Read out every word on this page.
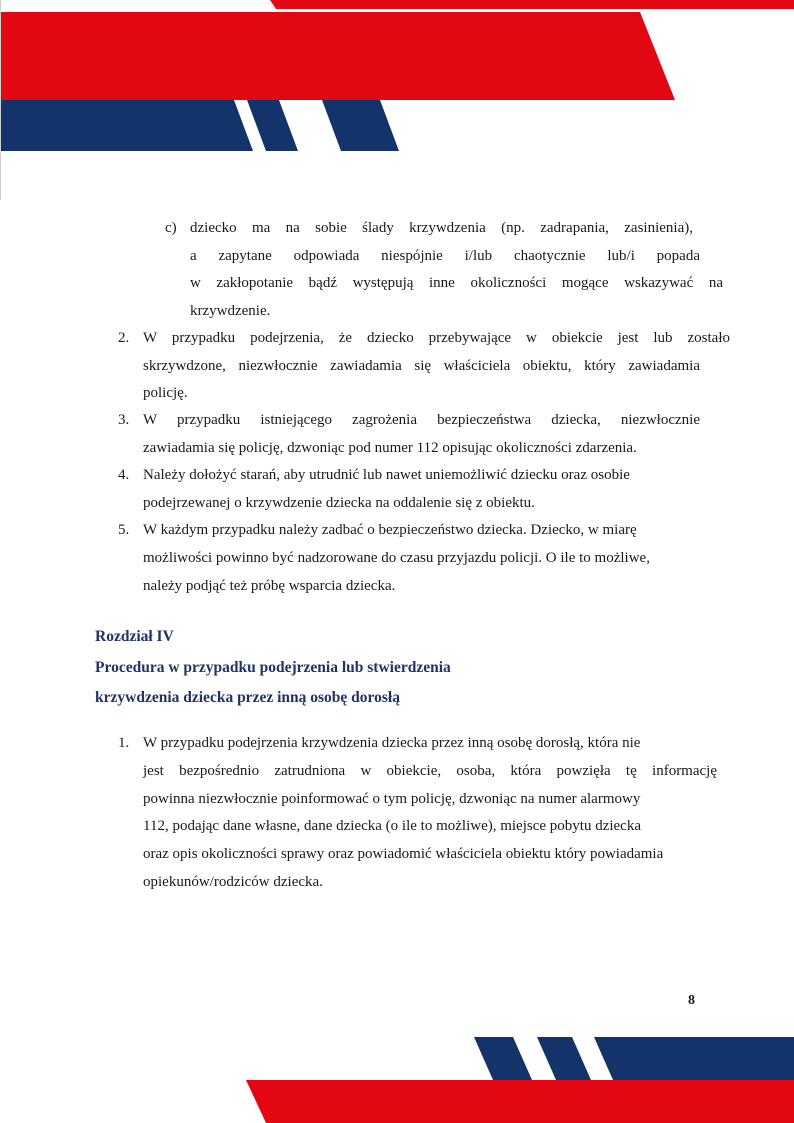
c) dziecko ma na sobie ślady krzywdzenia (np. zadrapania, zasinienia),
a zapytane odpowiada niespójnie i/lub chaotycznie lub/i popada
w zakłopotanie bądź występują inne okoliczności mogące wskazywać na
krzywdzenie.
2. W przypadku podejrzenia, że dziecko przebywające w obiekcie jest lub zostało
skrzywdzone, niezwłocznie zawiadamia się właściciela obiektu, który zawiadamia
policję.
3. W przypadku istniejącego zagrożenia bezpieczeństwa dziecka, niezwłocznie
zawiadamia się policję, dzwoniąc pod numer 112 opisując okoliczności zdarzenia.
4. Należy dołożyć starań, aby utrudnić lub nawet uniemożliwić dziecku oraz osobie
podejrzewanej o krzywdzenie dziecka na oddalenie się z obiektu.
5. W każdym przypadku należy zadbać o bezpieczeństwo dziecka. Dziecko, w miarę
możliwości powinno być nadzorowane do czasu przyjazdu policji. O ile to możliwe,
należy podjąć też próbę wsparcia dziecka.
Rozdział IV
Procedura w przypadku podejrzenia lub stwierdzenia
krzywdzenia dziecka przez inną osobę dorosłą
1. W przypadku podejrzenia krzywdzenia dziecka przez inną osobę dorosłą, która nie
jest bezpośrednio zatrudniona w obiekcie, osoba, która powzięła tę informację
powinna niezwłocznie poinformować o tym policję, dzwoniąc na numer alarmowy
112, podając dane własne, dane dziecka (o ile to możliwe), miejsce pobytu dziecka
oraz opis okoliczności sprawy oraz powiadomić właściciela obiektu który powiadamia
opiekunów/rodziców dziecka.
8
